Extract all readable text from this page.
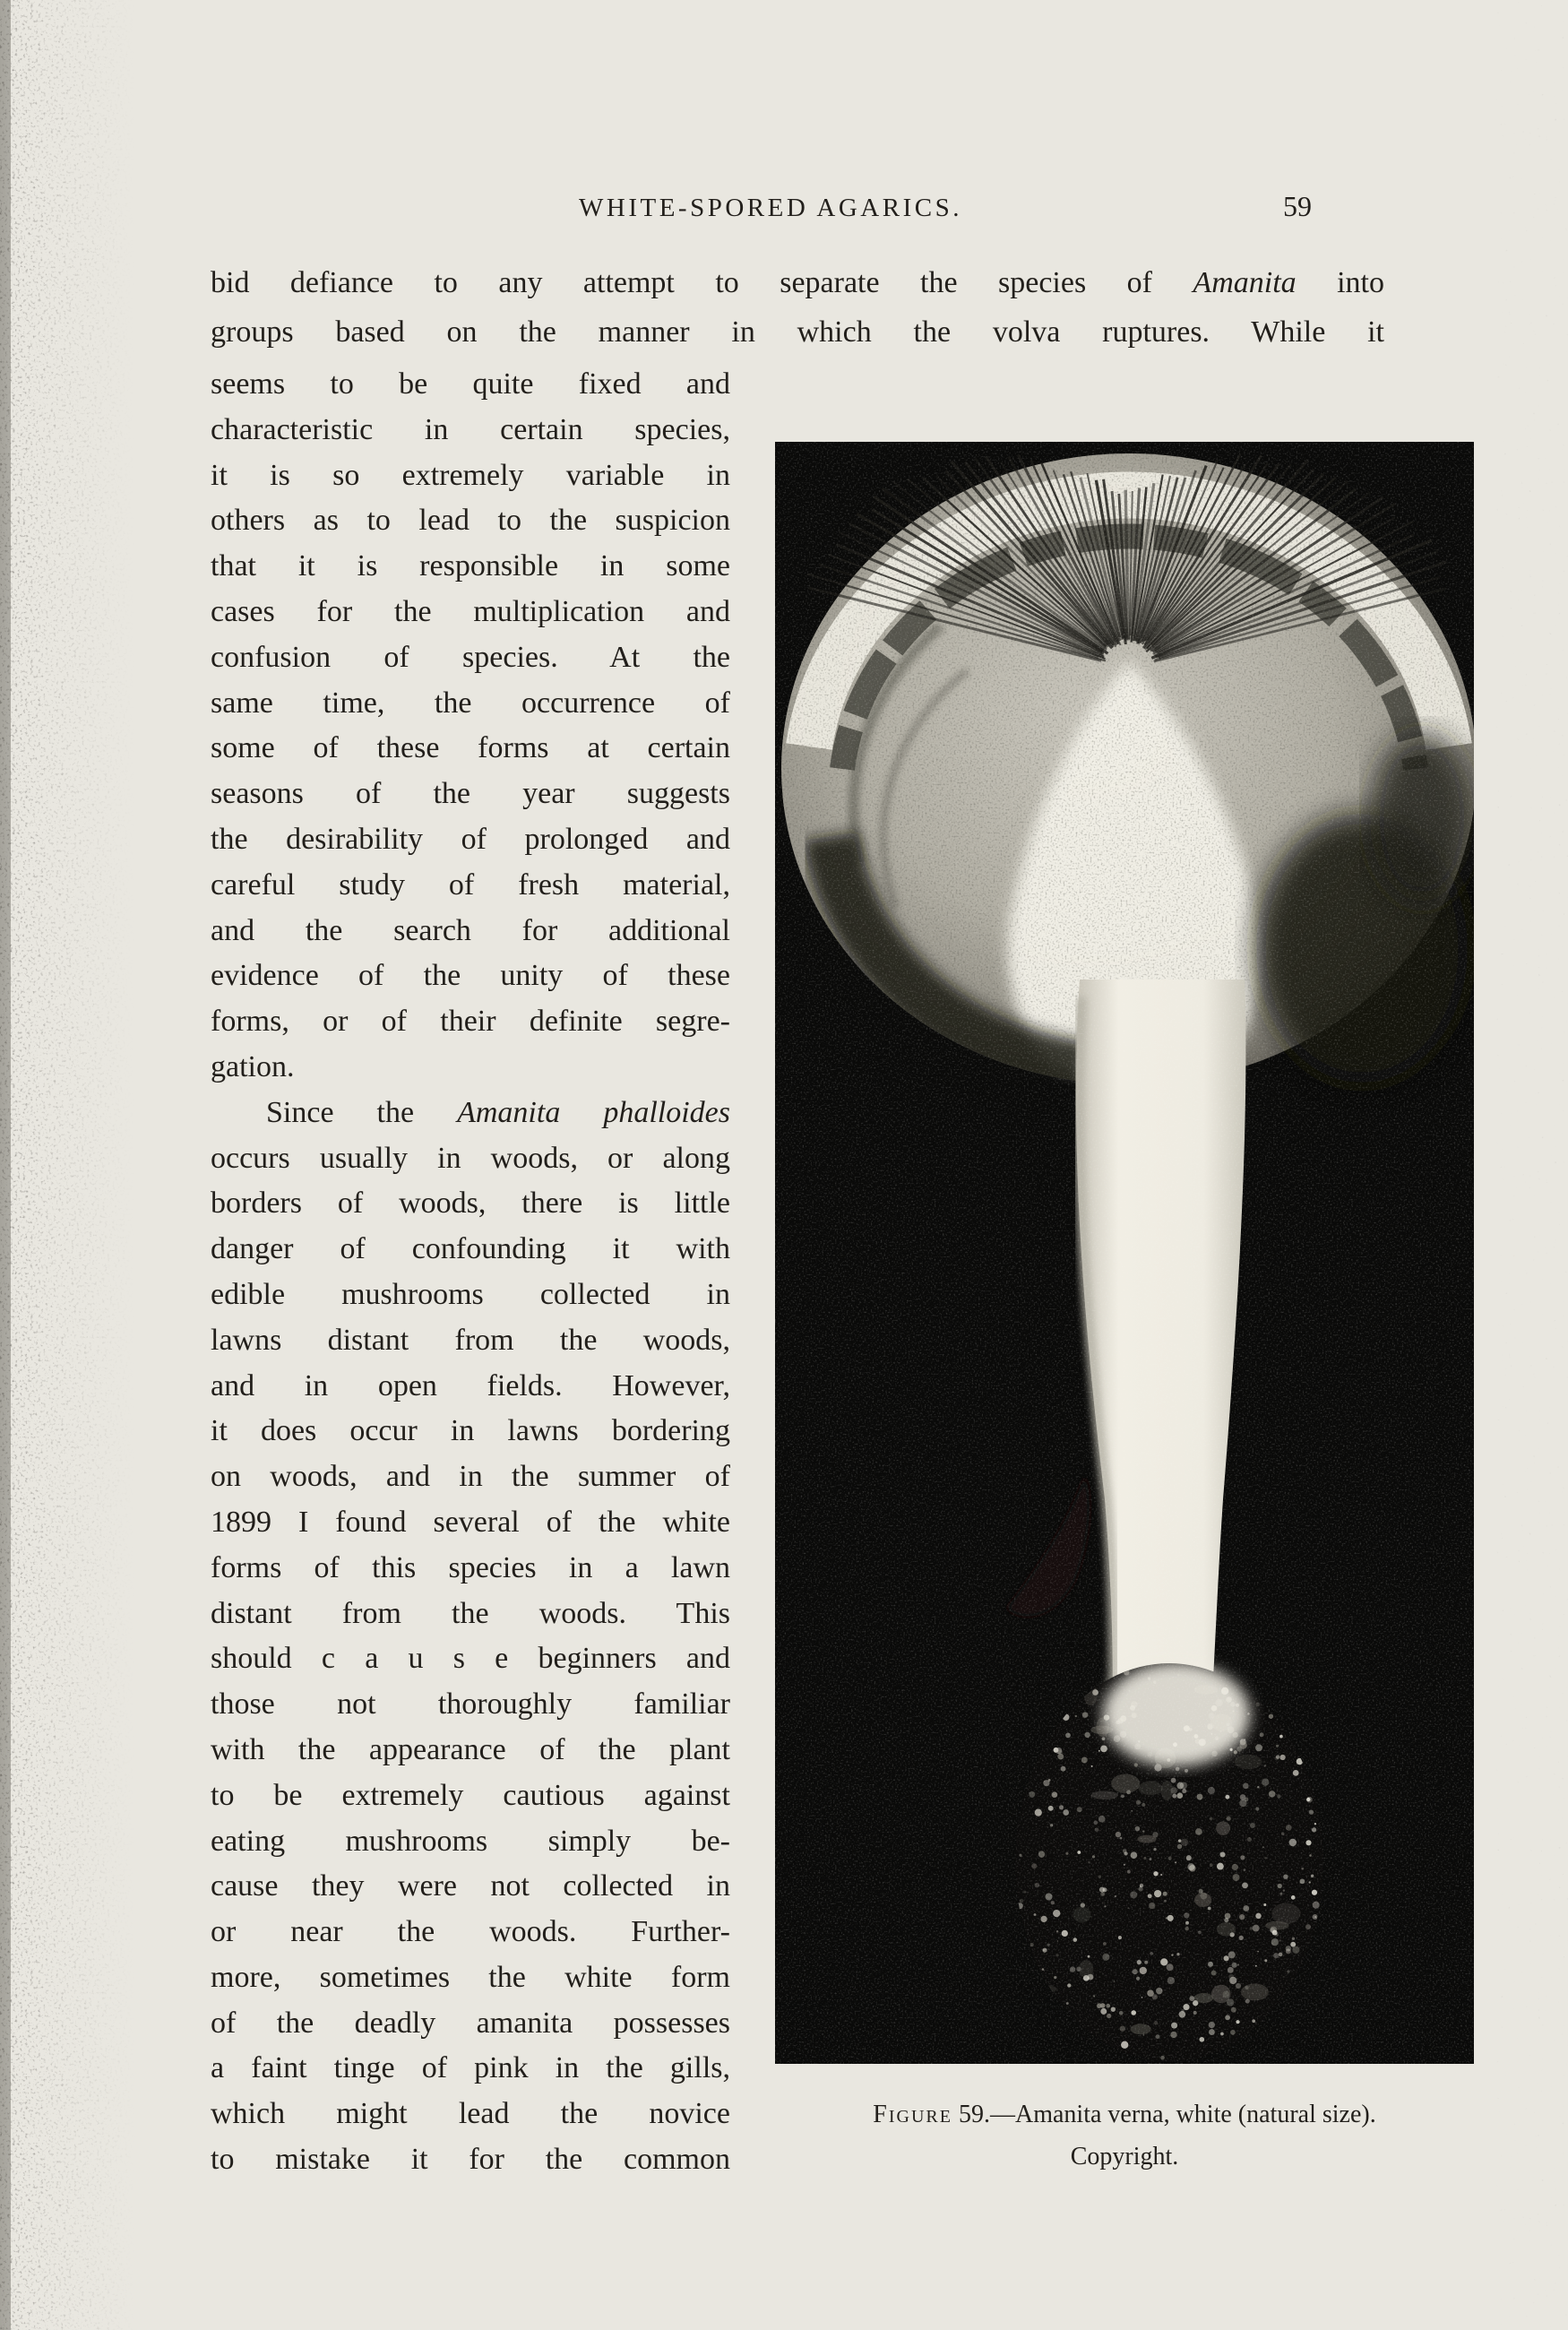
WHITE-SPORED AGARICS.	59
bid defiance to any attempt to separate the species of Amanita into
groups based on the manner in which the volva ruptures. While it
seems to be quite fixed and
characteristic in certain species,
it is so extremely variable in
others as to lead to the suspicion
that it is responsible in some
cases for the multiplication and
confusion of species. At the
same time, the occurrence of
some of these forms at certain
seasons of the year suggests
the desirability of prolonged and
careful study of fresh material,
and the search for additional
evidence of the unity of these
forms, or of their definite segre-
gation.
Since the Amanita phalloides
occurs usually in woods, or along
borders of woods, there is little
danger of confounding it with
edible mushrooms collected in
lawns distant from the woods,
and in open fields. However,
it does occur in lawns bordering
on woods, and in the summer of
1899 I found several of the white
forms of this species in a lawn
distant from the woods. This
should c a u s e beginners and
those not thoroughly familiar
with the appearance of the plant
to be extremely cautious against
eating mushrooms simply be-
cause they were not collected in
or near the woods. Further-
more, sometimes the white form
of the deadly amanita possesses
a faint tinge of pink in the gills,
which might lead the novice
to mistake it for the common
Figure 59.—Amanita verna, white (natural size).
Copyright.
